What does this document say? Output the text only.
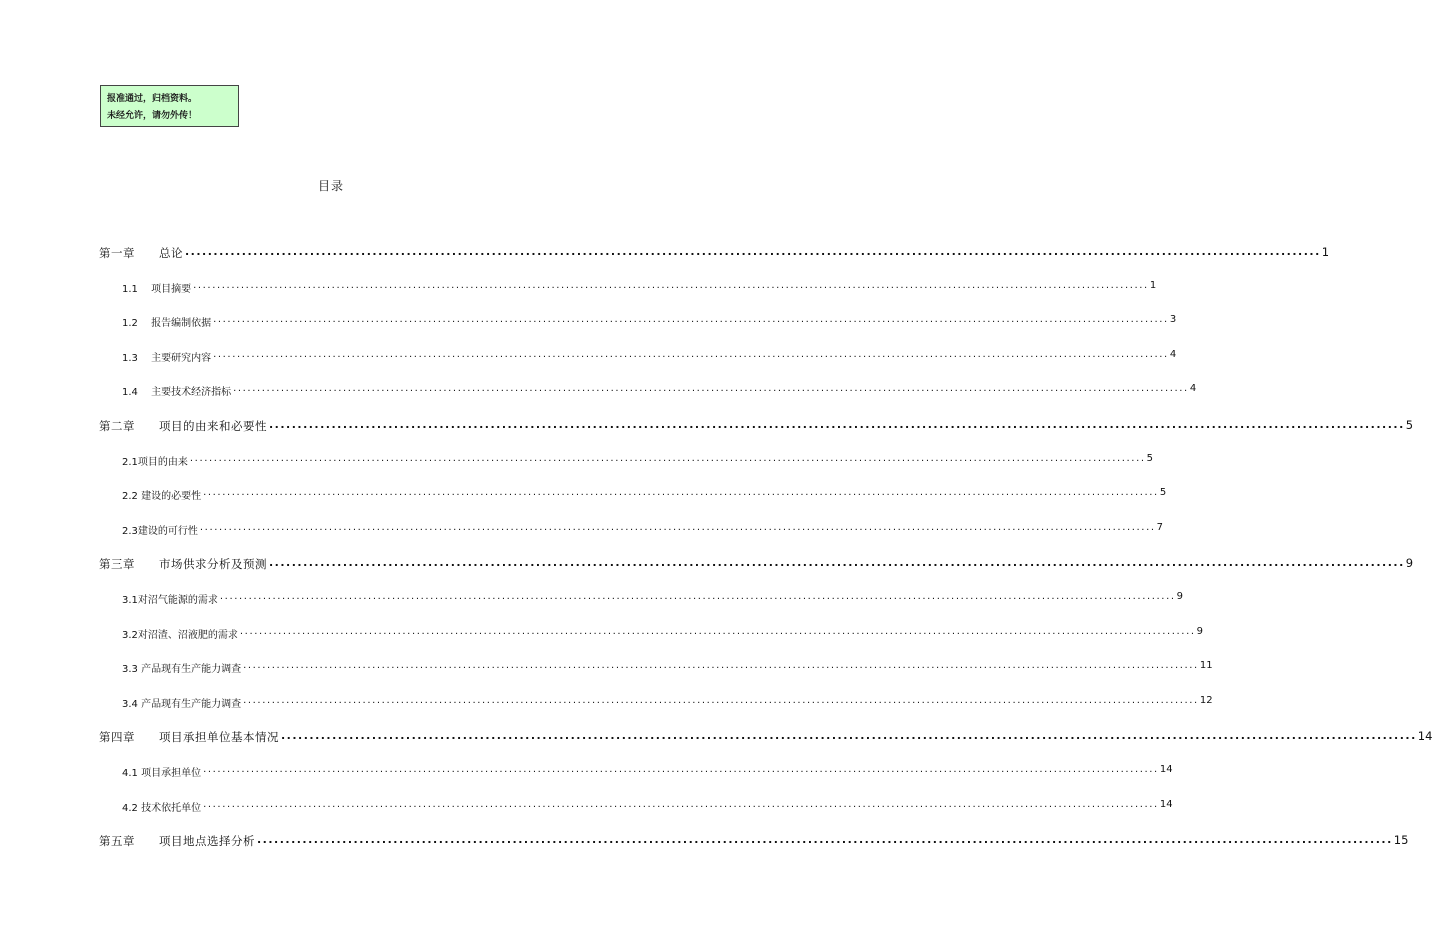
报准通过，归档资料。
未经允许，请勿外传！
目录
第一章　　总论 ........................................................................................................................................................................................................ 1
1.1　 项目摘要 ........................................................................................................................................................................................................ 1
1.2　 报告编制依据 ........................................................................................................................................................................................................ 3
1.3　 主要研究内容 ........................................................................................................................................................................................................ 4
1.4　 主要技术经济指标 ........................................................................................................................................................................................................ 4
第二章　　项目的由来和必要性 ........................................................................................................................................................................................................ 5
2.1项目的由来 ........................................................................................................................................................................................................ 5
2.2 建设的必要性 ........................................................................................................................................................................................................ 5
2.3建设的可行性 ........................................................................................................................................................................................................ 7
第三章　　市场供求分析及预测 ........................................................................................................................................................................................................ 9
3.1对沼气能源的需求 ........................................................................................................................................................................................................ 9
3.2对沼渣、沼液肥的需求 ........................................................................................................................................................................................................ 9
3.3 产品现有生产能力调查 ........................................................................................................................................................................................................ 11
3.4 产品现有生产能力调查 ........................................................................................................................................................................................................ 12
第四章　　项目承担单位基本情况 ........................................................................................................................................................................................................ 14
4.1 项目承担单位 ........................................................................................................................................................................................................ 14
4.2 技术依托单位 ........................................................................................................................................................................................................ 14
第五章　　项目地点选择分析 ........................................................................................................................................................................................................ 15
